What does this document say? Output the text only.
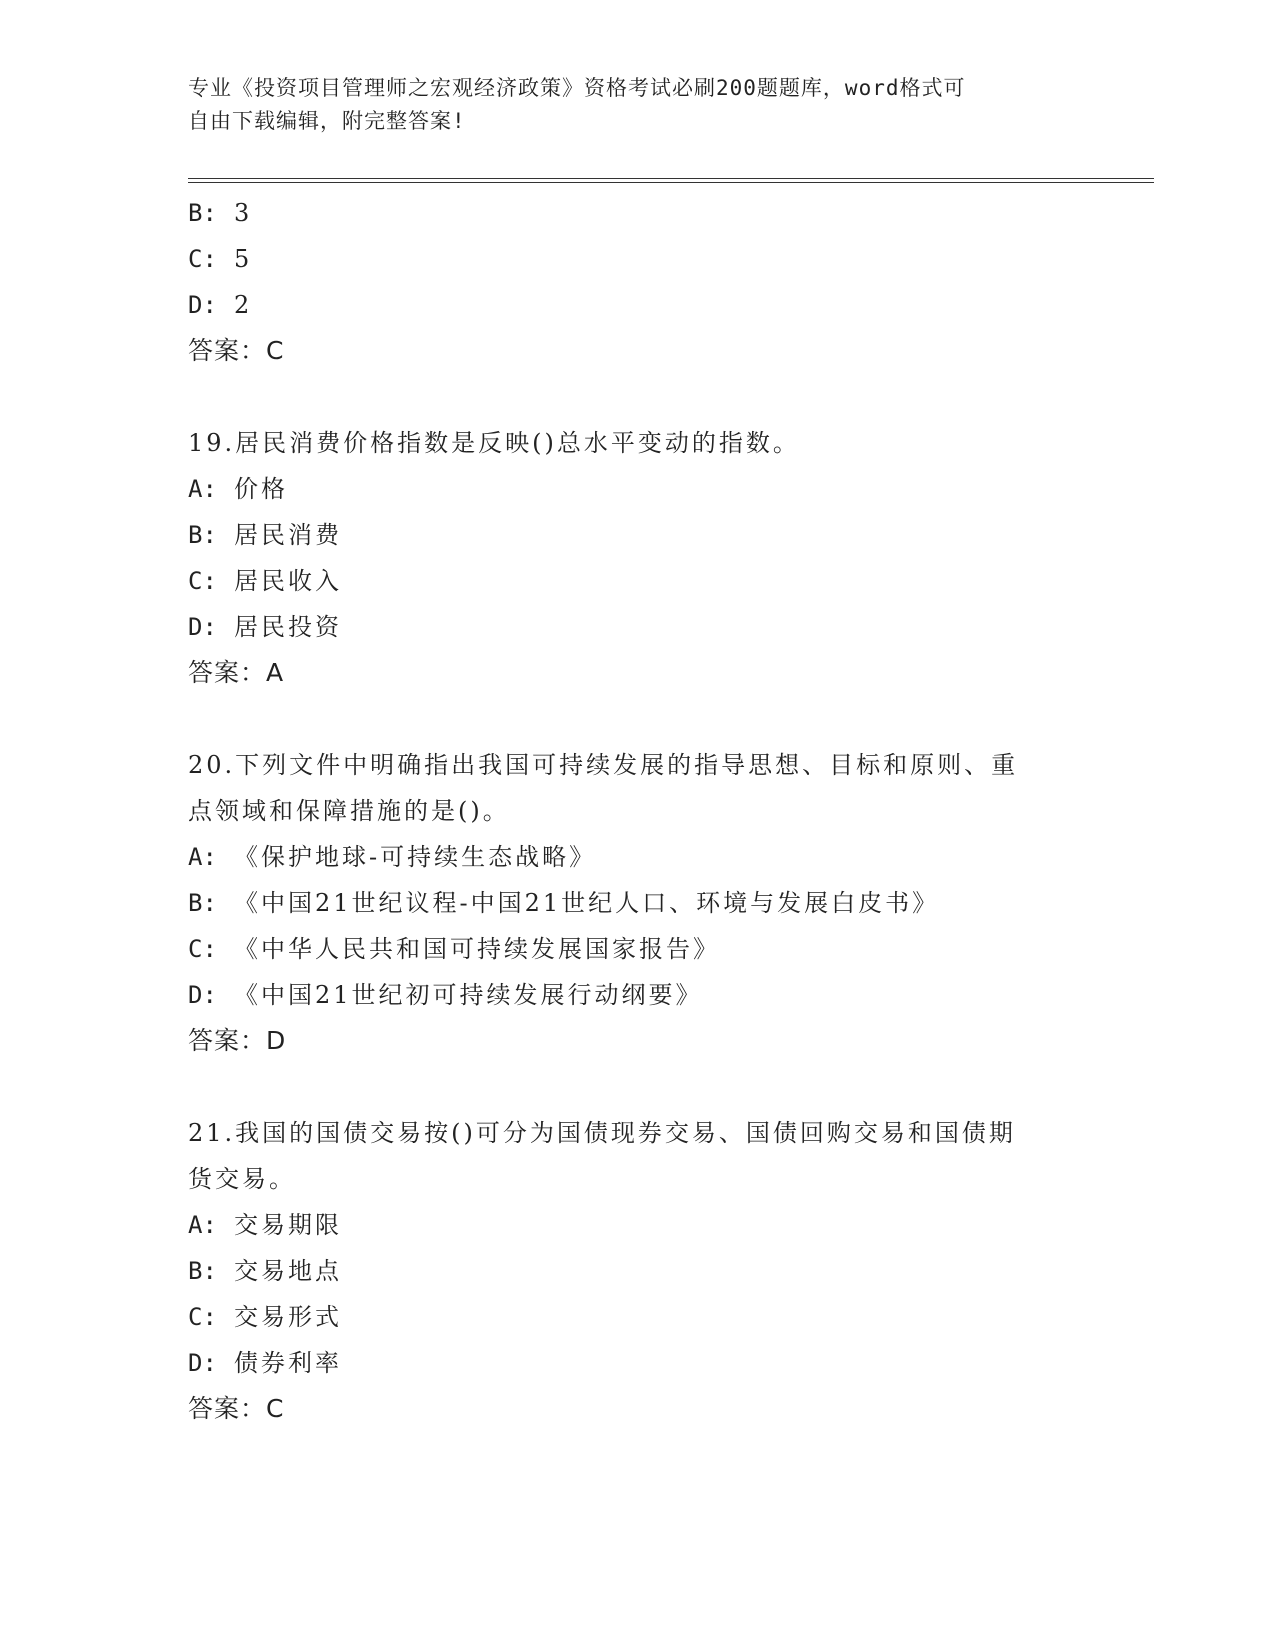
专业《投资项目管理师之宏观经济政策》资格考试必刷200题题库，word格式可
自由下载编辑，附完整答案!
B: 3
C: 5
D: 2
答案：C
19.居民消费价格指数是反映()总水平变动的指数。
A: 价格
B: 居民消费
C: 居民收入
D: 居民投资
答案：A
20.下列文件中明确指出我国可持续发展的指导思想、目标和原则、重
点领域和保障措施的是()。
A: 《保护地球-可持续生态战略》
B: 《中国21世纪议程-中国21世纪人口、环境与发展白皮书》
C: 《中华人民共和国可持续发展国家报告》
D: 《中国21世纪初可持续发展行动纲要》
答案：D
21.我国的国债交易按()可分为国债现券交易、国债回购交易和国债期
货交易。
A: 交易期限
B: 交易地点
C: 交易形式
D: 债券利率
答案：C
